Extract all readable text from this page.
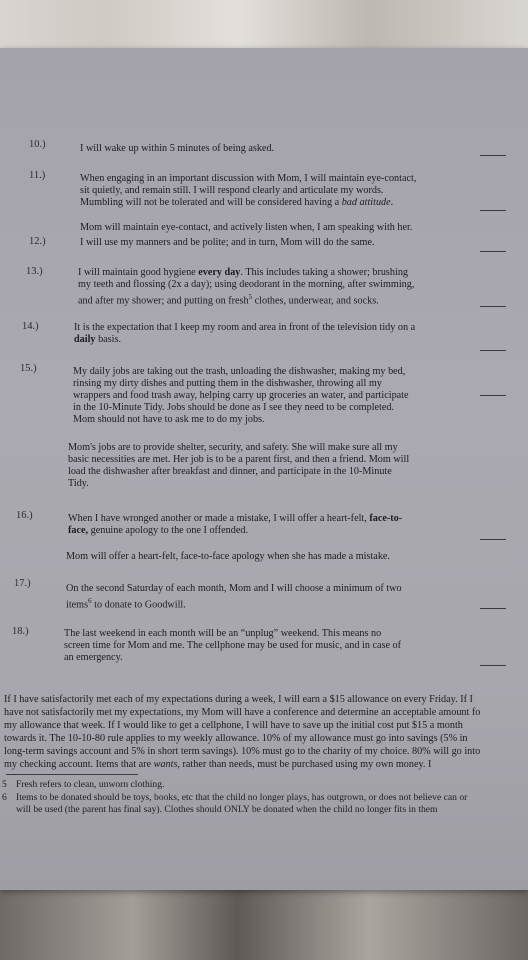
10.)	I will wake up within 5 minutes of being asked.
11.)	When engaging in an important discussion with Mom, I will maintain eye-contact,
sit quietly, and remain still. I will respond clearly and articulate my words.
Mumbling will not be tolerated and will be considered having a bad attitude.
Mom will maintain eye-contact, and actively listen when, I am speaking with her.
12.)	I will use my manners and be polite; and in turn, Mom will do the same.
13.)	I will maintain good hygiene every day. This includes taking a shower; brushing
my teeth and flossing (2x a day); using deodorant in the morning, after swimming,
and after my shower; and putting on fresh$^5$ clothes, underwear, and socks.
14.)	It is the expectation that I keep my room and area in front of the television tidy on a
daily basis.
15.)	My daily jobs are taking out the trash, unloading the dishwasher, making my bed,
rinsing my dirty dishes and putting them in the dishwasher, throwing all my
wrappers and food trash away, helping carry up groceries an water, and participate
in the 10-Minute Tidy. Jobs should be done as I see they need to be completed.
Mom should not have to ask me to do my jobs.
Mom's jobs are to provide shelter, security, and safety. She will make sure all my
basic necessities are met. Her job is to be a parent first, and then a friend. Mom will
load the dishwasher after breakfast and dinner, and participate in the 10-Minute
Tidy.
16.)	When I have wronged another or made a mistake, I will offer a heart-felt, face-to-
face, genuine apology to the one I offended.
Mom will offer a heart-felt, face-to-face apology when she has made a mistake.
17.)	On the second Saturday of each month, Mom and I will choose a minimum of two
items$^6$ to donate to Goodwill.
18.)	The last weekend in each month will be an “unplug” weekend. This means no
screen time for Mom and me. The cellphone may be used for music, and in case of
an emergency.
If I have satisfactorily met each of my expectations during a week, I will earn a $15 allowance on every Friday. If I
have not satisfactorily met my expectations, my Mom will have a conference and determine an acceptable amount fo
my allowance that week. If I would like to get a cellphone, I will have to save up the initial cost put $15 a month
towards it. The 10-10-80 rule applies to my weekly allowance. 10% of my allowance must go into savings (5% in
long-term savings account and 5% in short term savings). 10% must go to the charity of my choice. 80% will go into
my checking account. Items that are wants, rather than needs, must be purchased using my own money. I
5 Fresh refers to clean, unworn clothing.
6 Items to be donated should be toys, books, etc that the child no longer plays, has outgrown, or does not believe can or
will be used (the parent has final say). Clothes should ONLY be donated when the child no longer fits in them
